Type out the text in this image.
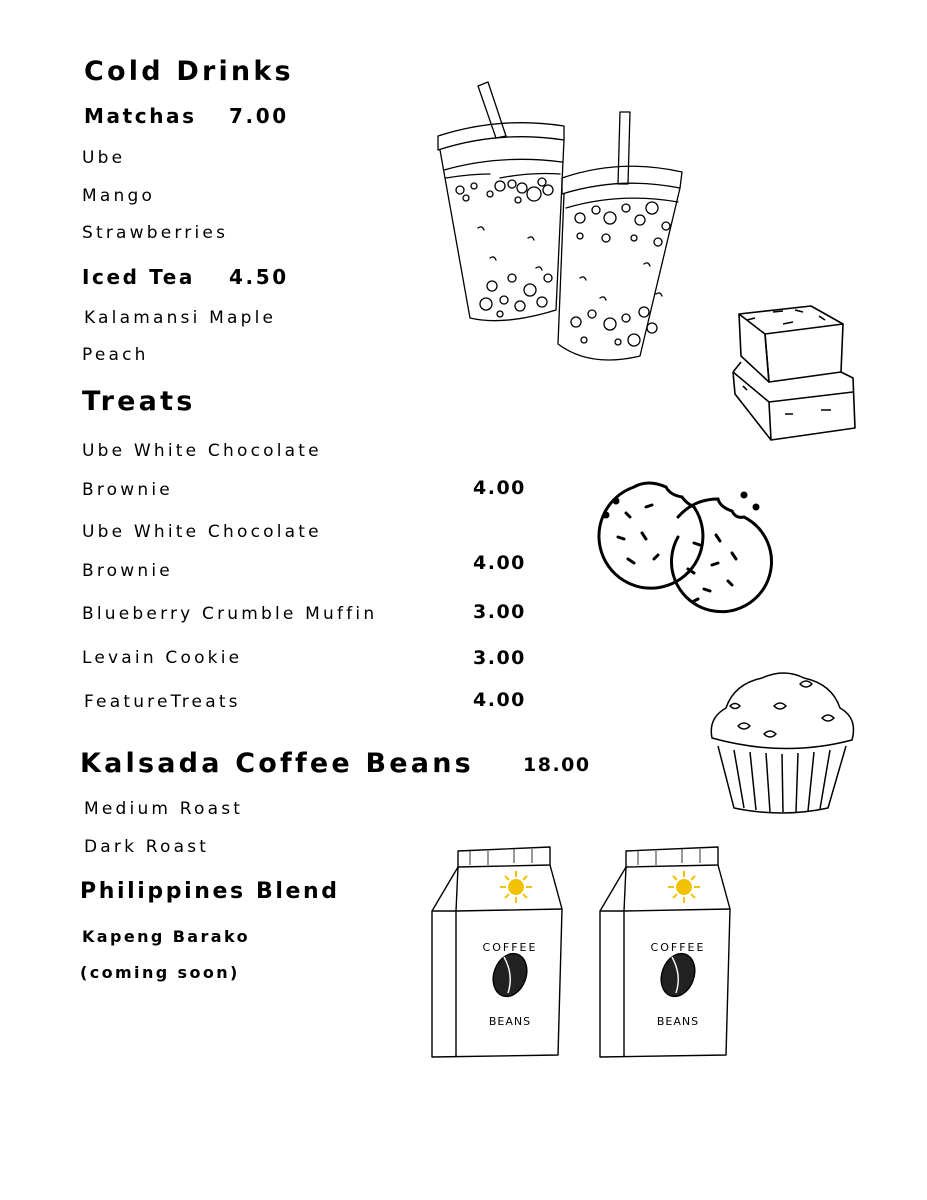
Cold Drinks
Matchas 7.00
Ube
Mango
Strawberries
Iced Tea 4.50
Kalamansi Maple
Peach
Treats
Ube White Chocolate
Brownie	4.00
Ube White Chocolate
Brownie	4.00
Blueberry Crumble Muffin	3.00
Levain Cookie	3.00
FeatureTreats	4.00
Kalsada Coffee Beans	18.00
Medium Roast
Dark Roast
Philippines Blend
Kapeng Barako
(coming soon)
COFFEE
BEANS
COFFEE
BEANS
